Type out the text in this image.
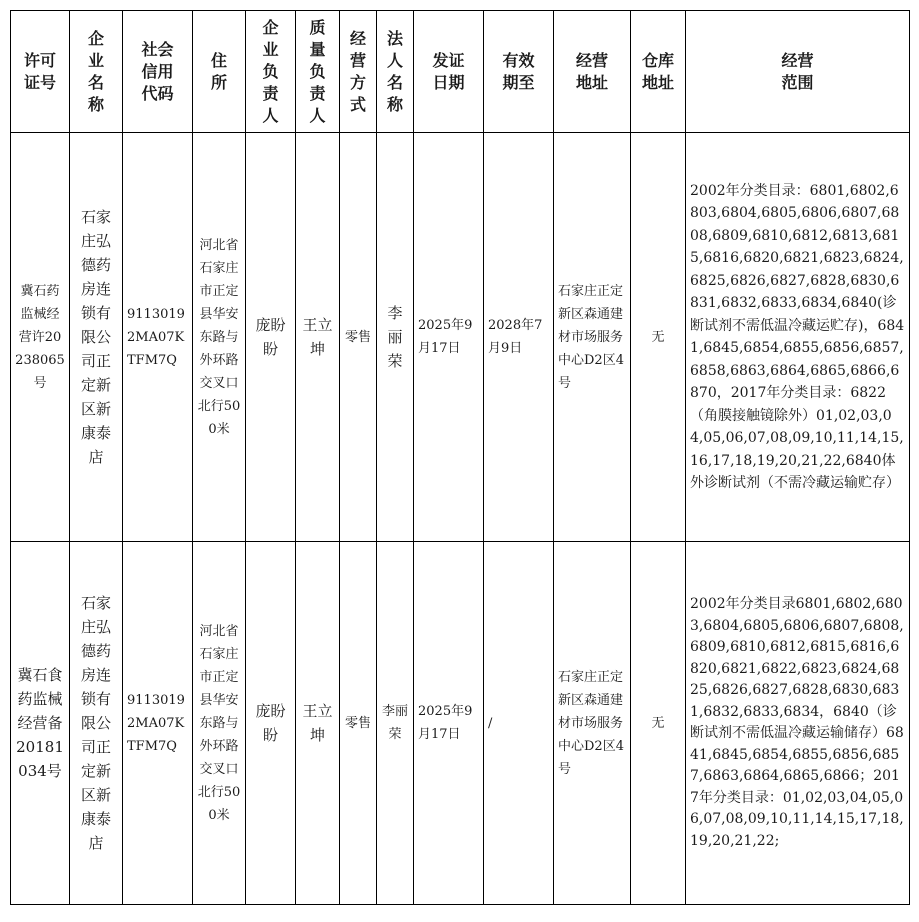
许可证号	企业名称	社会信用代码	住所	企业负责人	质量负责人	经营方式	法人名称	发证日期	有效期至	经营地址	仓库地址	经营范围

冀石药监械经营许20238065号	石家庄弘德药房连锁有限公司正定新区新康泰店	91130192MA07KTFM7Q	河北省石家庄市正定县华安东路与外环路交叉口北行500米	庞盼盼	王立坤	零售	李丽荣	2025年9月17日	2028年7月9日	石家庄正定新区森通建材市场服务中心D2区4号	无	2002年分类目录：6801,6802,6803,6804,6805,6806,6807,6808,6809,6810,6812,6813,6815,6816,6820,6821,6823,6824,6825,6826,6827,6828,6830,6831,6832,6833,6834,6840(诊断试剂不需低温冷藏运贮存)，6841,6845,6854,6855,6856,6857,6858,6863,6864,6865,6866,6870，2017年分类目录：6822（角膜接触镜除外）01,02,03,04,05,06,07,08,09,10,11,14,15,16,17,18,19,20,21,22,6840体外诊断试剂（不需冷藏运输贮存）
冀石食药监械经营备20181034号	石家庄弘德药房连锁有限公司正定新区新康泰店	91130192MA07KTFM7Q	河北省石家庄市正定县华安东路与外环路交叉口北行500米	庞盼盼	王立坤	零售	李丽荣	2025年9月17日	/	石家庄正定新区森通建材市场服务中心D2区4号	无	2002年分类目录6801,6802,6803,6804,6805,6806,6807,6808,6809,6810,6812,6815,6816,6820,6821,6822,6823,6824,6825,6826,6827,6828,6830,6831,6832,6833,6834，6840（诊断试剂不需低温冷藏运输储存）6841,6845,6854,6855,6856,6857,6863,6864,6865,6866；2017年分类目录：01,02,03,04,05,06,07,08,09,10,11,14,15,17,18,19,20,21,22;
